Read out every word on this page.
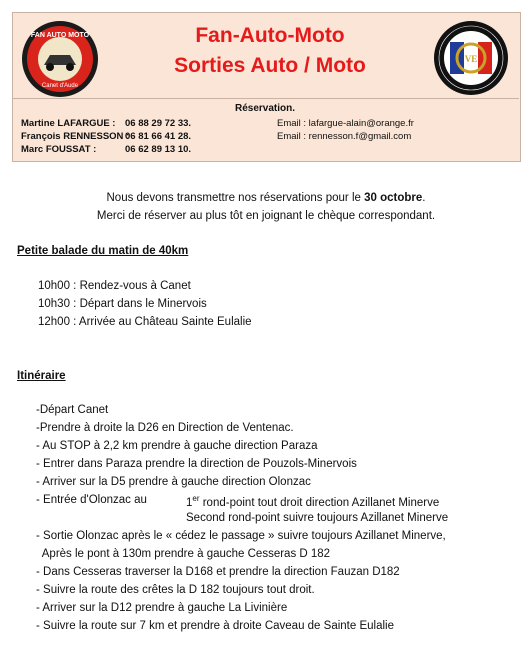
FAN AUTO MOTO
Canet d'Aude
VE
Fan-Auto-Moto
Sorties Auto / Moto
Réservation.
Martine LAFARGUE : 06 88 29 72 33.
François RENNESSON :
06 81 66 41 28.
Marc FOUSSAT :	06 62 89 13 10.
Email : lafargue-alain@orange.fr
Email : rennesson.f@gmail.com
Nous devons transmettre nos réservations pour le 30 octobre.
Merci de réserver au plus tôt en joignant le chèque correspondant.
Petite balade du matin de 40km
10h00 : Rendez-vous à Canet
10h30 : Départ dans le Minervois
12h00 : Arrivée au Château Sainte Eulalie
Itinéraire
-Départ Canet
-Prendre à droite la D26 en Direction de Ventenac.
- Au STOP à 2,2 km prendre à gauche direction Paraza
- Entrer dans Paraza prendre la direction de Pouzols-Minervois
- Arriver sur la D5 prendre à gauche direction Olonzac
- Entrée d'Olonzac au	1er rond-point tout droit direction Azillanet Minerve
Second rond-point suivre toujours Azillanet Minerve
- Sortie Olonzac après le « cédez le passage » suivre toujours Azillanet Minerve,
Après le pont à 130m prendre à gauche Cesseras D 182
- Dans Cesseras traverser la D168 et prendre la direction Fauzan D182
- Suivre la route des crêtes la D 182 toujours tout droit.
- Arriver sur la D12 prendre à gauche La Livinière
- Suivre la route sur 7 km et prendre à droite Caveau de Sainte Eulalie
